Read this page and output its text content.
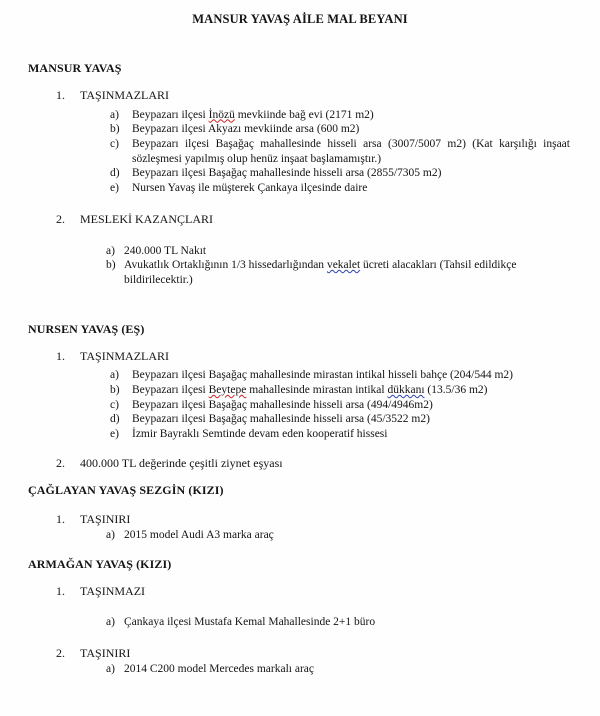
MANSUR YAVAŞ AİLE MAL BEYANI
MANSUR YAVAŞ
1.	TAŞINMAZLARI
a)	Beypazarı ilçesi İnözü mevkiinde bağ evi (2171 m2)
b)	Beypazarı ilçesi Akyazı mevkiinde arsa (600 m2)
c)	Beypazarı ilçesi Başağaç mahallesinde hisseli arsa (3007/5007 m2) (Kat karşılığı inşaat sözleşmesi yapılmış olup henüz inşaat başlamamıştır.)
d)	Beypazarı ilçesi Başağaç mahallesinde hisseli arsa (2855/7305 m2)
e)	Nursen Yavaş ile müşterek Çankaya ilçesinde daire
2.	MESLEKİ KAZANÇLARI
a) 240.000 TL Nakıt
b) Avukatlık Ortaklığının 1/3 hissedarlığından vekalet ücreti alacakları (Tahsil edildikçe bildirilecektir.)
NURSEN YAVAŞ (EŞ)
1.	TAŞINMAZLARI
a)	Beypazarı ilçesi Başağaç mahallesinde mirastan intikal hisseli bahçe (204/544 m2)
b)	Beypazarı ilçesi Beytepe mahallesinde mirastan intikal dükkanı (13.5/36 m2)
c)	Beypazarı ilçesi Başağaç mahallesinde hisseli arsa (494/4946m2)
d)	Beypazarı ilçesi Başağaç mahallesinde hisseli arsa (45/3522 m2)
e)	İzmir Bayraklı Semtinde devam eden kooperatif hissesi
2.	400.000 TL değerinde çeşitli ziynet eşyası
ÇAĞLAYAN YAVAŞ SEZGİN (KIZI)
1.	TAŞINIRI
a) 2015 model Audi A3 marka araç
ARMAĞAN YAVAŞ (KIZI)
1.	TAŞINMAZI
a) Çankaya ilçesi Mustafa Kemal Mahallesinde 2+1 büro
2.	TAŞINIRI
a) 2014 C200 model Mercedes markalı araç
